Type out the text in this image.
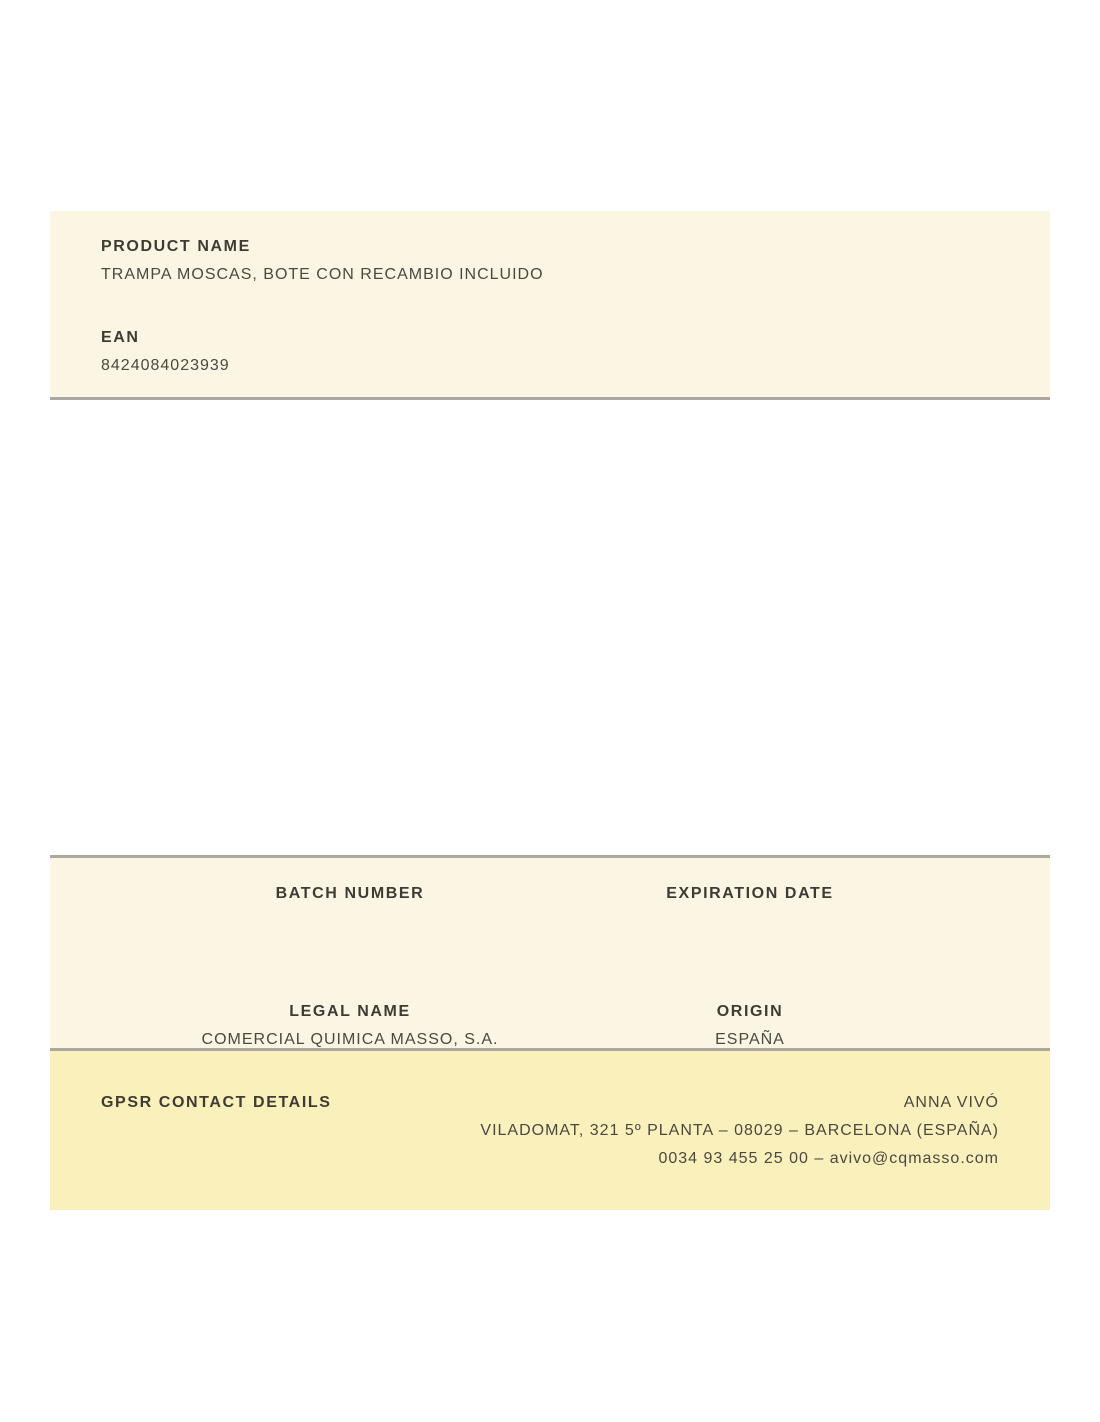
PRODUCT NAME
TRAMPA MOSCAS, BOTE CON RECAMBIO INCLUIDO
EAN
8424084023939
BATCH NUMBER	EXPIRATION DATE
LEGAL NAME
COMERCIAL QUIMICA MASSO, S.A.
ORIGIN
ESPAÑA
GPSR CONTACT DETAILS	ANNA VIVÓ
VILADOMAT, 321 5º PLANTA – 08029 – BARCELONA (ESPAÑA)
0034 93 455 25 00 – avivo@cqmasso.com
